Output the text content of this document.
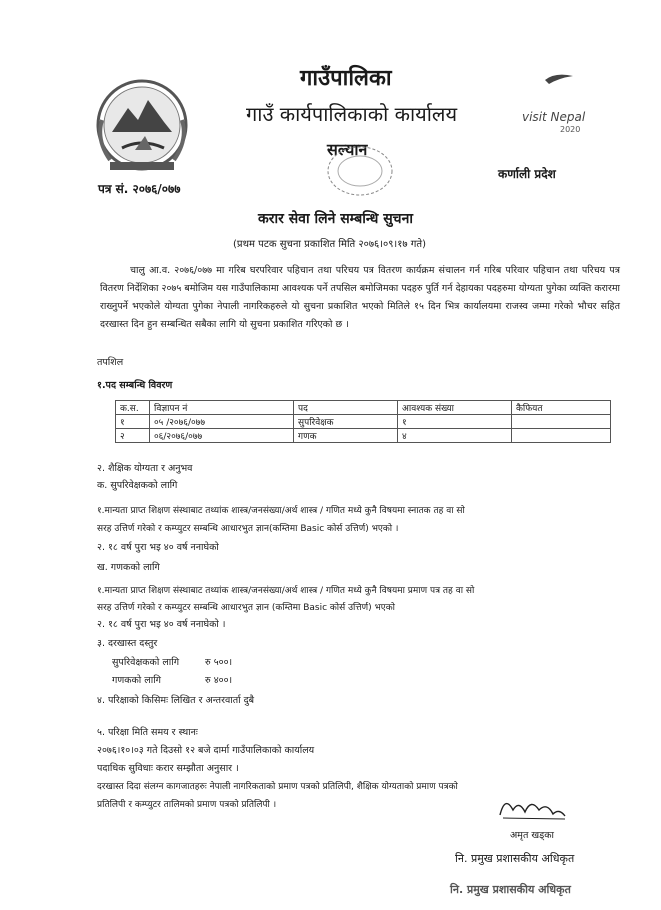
गाउँपालिका
गाउँ कार्यपालिकाको कार्यालय
सल्यान
visit Nepal
2020
कर्णाली प्रदेश
पत्र सं. २०७६/०७७
करार सेवा लिने सम्बन्धि सुचना
(प्रथम पटक सुचना प्रकाशित मिति २०७६।०९।१७ गते)
चालु आ.व. २०७६/०७७ मा गरिब घरपरिवार पहिचान तथा परिचय पत्र वितरण कार्यक्रम संचालन गर्न गरिब परिवार पहिचान तथा परिचय पत्र वितरण निर्देशिका २०७५ बमोजिम यस गाउँपालिकामा आवश्यक पर्ने तपसिल बमोजिमका पदहरु पुर्ति गर्न देहायका पदहरुमा योग्यता पुगेका व्यक्ति करारमा राख्नुपर्ने भएकोले योग्यता पुगेका नेपाली नागरिकहरुले यो सुचना प्रकाशित भएको मितिले १५ दिन भित्र कार्यालयमा राजस्व जम्मा गरेको भौचर सहित दरखास्त दिन हुन सम्बन्धित सबैका लागि यो सुचना प्रकाशित गरिएको छ ।
तपशिल
१.पद सम्बन्धि विवरण
क.स.	विज्ञापन नं	पद	आवश्यक संख्या	कैफियत
१	०५ /२०७६/०७७	सुपरिवेक्षक	१	
२	०६/२०७६/०७७	गणक	४	
२. शैक्षिक योग्यता र अनुभव
क. सुपरिवेक्षकको लागि
१.मान्यता प्राप्त शिक्षण संस्थाबाट तथ्यांक शास्त्र/जनसंख्या/अर्थ शास्त्र / गणित मध्ये कुनै विषयमा स्नातक तह वा सो
सरह उत्तिर्ण गरेको र कम्प्युटर सम्बन्धि आधारभुत ज्ञान(कम्तिमा Basic कोर्स उत्तिर्ण) भएको ।
२. १८ वर्ष पुरा भइ ४० वर्ष ननाघेको
ख. गणकको लागि
१.मान्यता प्राप्त शिक्षण संस्थाबाट तथ्यांक शास्त्र/जनसंख्या/अर्थ शास्त्र / गणित मध्ये कुनै विषयमा प्रमाण पत्र तह वा सो
सरह उत्तिर्ण गरेको र कम्प्युटर सम्बन्धि आधारभुत ज्ञान (कम्तिमा Basic कोर्स उत्तिर्ण) भएको
२. १८ वर्ष पुरा भइ ४० वर्ष ननाघेको ।
३. दरखास्त दस्तुर
सुपरिवेक्षकको लागि	रु ५००।
गणकको लागि	रु ४००।
४. परिक्षाको किसिमः लिखित र अन्तरवार्ता दुबै
५. परिक्षा मिति समय र स्थानः
२०७६।१०।०३ गते दिउसो १२ बजे दार्मा गाउँपालिकाको कार्यालय
पदाधिक सुविधाः करार सम्झौता अनुसार ।
दरखास्त दिदा संलग्न कागजातहरुः नेपाली नागरिकताको प्रमाण पत्रको प्रतिलिपी, शैक्षिक योग्यताको प्रमाण पत्रको
प्रतिलिपी र कम्प्युटर तालिमको प्रमाण पत्रको प्रतिलिपी ।
अमृत खड्का
नि. प्रमुख प्रशासकीय अधिकृत
नि. प्रमुख प्रशासकीय अधिकृत
